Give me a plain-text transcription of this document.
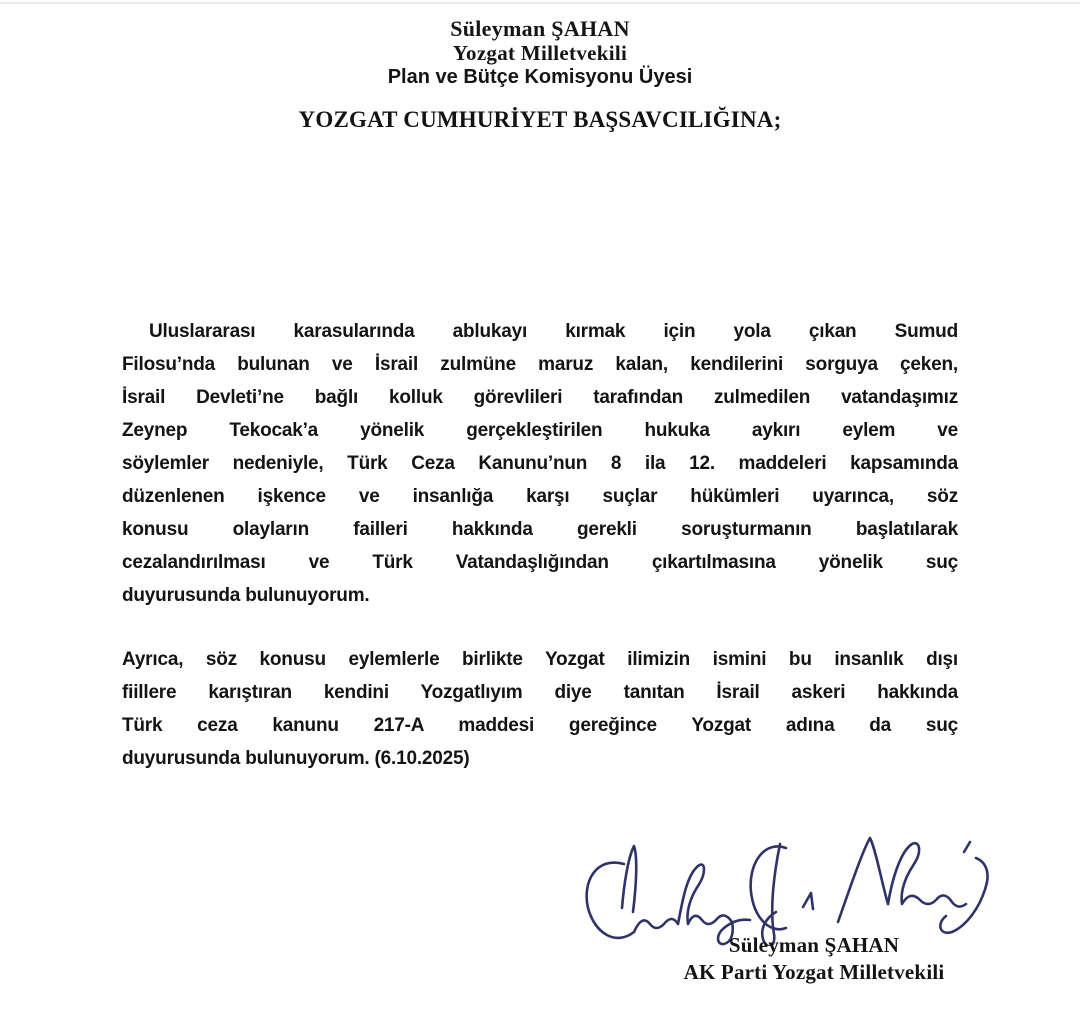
Süleyman ŞAHAN
Yozgat Milletvekili
Plan ve Bütçe Komisyonu Üyesi
YOZGAT CUMHURİYET BAŞSAVCILIĞINA;
Uluslararası karasularında ablukayı kırmak için yola çıkan Sumud
Filosu’nda bulunan ve İsrail zulmüne maruz kalan, kendilerini sorguya çeken,
İsrail Devleti’ne bağlı kolluk görevlileri tarafından zulmedilen vatandaşımız
Zeynep Tekocak’a yönelik gerçekleştirilen hukuka aykırı eylem ve
söylemler nedeniyle, Türk Ceza Kanunu’nun 8 ila 12. maddeleri kapsamında
düzenlenen işkence ve insanlığa karşı suçlar hükümleri uyarınca, söz
konusu olayların failleri hakkında gerekli soruşturmanın başlatılarak
cezalandırılması ve Türk Vatandaşlığından çıkartılmasına yönelik suç
duyurusunda bulunuyorum.
Ayrıca, söz konusu eylemlerle birlikte Yozgat ilimizin ismini bu insanlık dışı
fiillere karıştıran kendini Yozgatlıyım diye tanıtan İsrail askeri hakkında
Türk ceza kanunu 217-A maddesi gereğince Yozgat adına da suç
duyurusunda bulunuyorum. (6.10.2025)
Süleyman ŞAHAN
AK Parti Yozgat Milletvekili
